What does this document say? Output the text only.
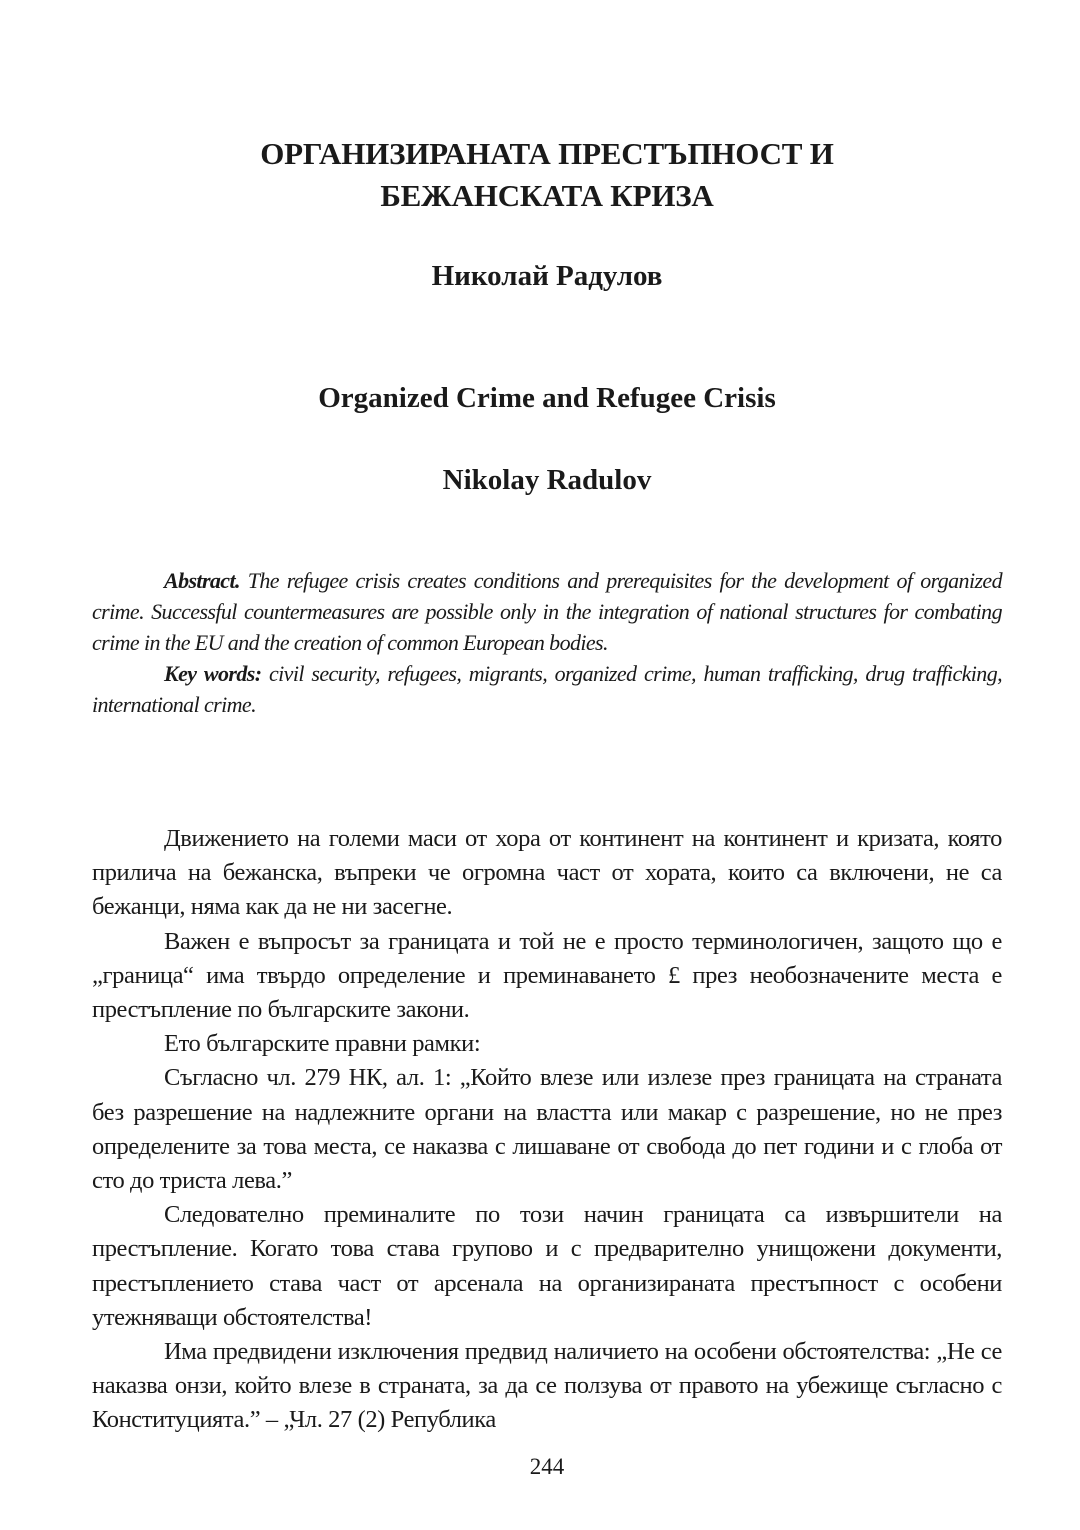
ОРГАНИЗИРАНАТА ПРЕСТЪПНОСТ И
БЕЖАНСКАТА КРИЗА
Николай Радулов
Organized Crime and Refugee Crisis
Nikolay Radulov

Abstract. The refugee crisis creates conditions and prerequisites for the development of organized crime. Successful countermeasures are possible only in the integration of national structures for combating crime in the EU and the creation of common European bodies.

Key words: civil security, refugees, migrants, organized crime, human trafficking, drug trafficking, international crime.

Движението на големи маси от хора от континент на континент и кризата, която прилича на бежанска, въпреки че огромна част от хората, които са включени, не са бежанци, няма как да не ни засегне.

Важен е въпросът за границата и той не е просто терминологичен, защото що е „граница“ има твърдо определение и преминаването £ през необозначените места е престъпление по българските закони.

Ето българските правни рамки:

Съгласно чл. 279 НК, ал. 1: „Който влезе или излезе през границата на страната без разрешение на надлежните органи на властта или макар с разрешение, но не през определените за това места, се наказва с лишаване от свобода до пет години и с глоба от сто до триста лева.”

Следователно преминалите по този начин границата са извършители на престъпление. Когато това става групово и с предварително унищожени документи, престъплението става част от арсенала на организираната престъпност с особени утежняващи обстоятелства!

Има предвидени изключения предвид наличието на особени обстоятелства: „Не се наказва онзи, който влезе в страната, за да се ползува от правото на убежище съгласно с Конституцията.” – „Чл. 27 (2) Република

244
